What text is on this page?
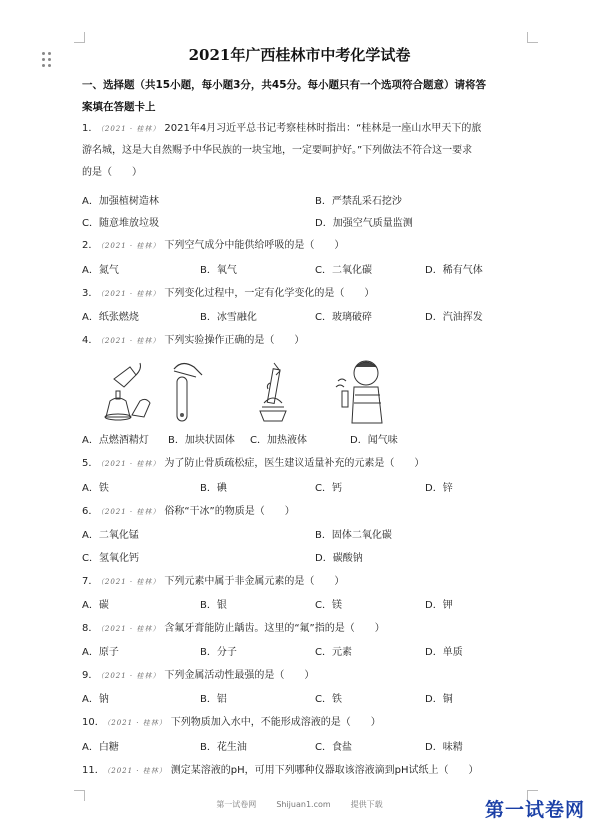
2021年广西桂林市中考化学试卷
一、选择题（共15小题，每小题3分，共45分。每小题只有一个选项符合题意）请将答
案填在答题卡上
1． （2021 · 桂林） 2021年4月习近平总书记考察桂林时指出：“桂林是一座山水甲天下的旅
游名城，这是大自然赐予中华民族的一块宝地，一定要呵护好。”下列做法不符合这一要求
的是（　　）
A．加强植树造林	B．严禁乱采石挖沙
C．随意堆放垃圾	D．加强空气质量监测
2． （2021 · 桂林） 下列空气成分中能供给呼吸的是（　　）
A．氮气	B．氧气	C．二氧化碳	D．稀有气体
3． （2021 · 桂林） 下列变化过程中，一定有化学变化的是（　　）
A．纸张燃烧	B．冰雪融化	C．玻璃破碎	D．汽油挥发
4． （2021 · 桂林） 下列实验操作正确的是（　　）
A．点燃酒精灯 B．加块状固体 C．加热液体	D．闻气味
5． （2021 · 桂林） 为了防止骨质疏松症，医生建议适量补充的元素是（　　）
A．铁	B．碘	C．钙	D．锌
6． （2021 · 桂林） 俗称“干冰”的物质是（　　）
A．二氧化锰	B．固体二氧化碳
C．氢氧化钙	D．碳酸钠
7． （2021 · 桂林） 下列元素中属于非金属元素的是（　　）
A．碳	B．银	C．镁	D．钾
8． （2021 · 桂林） 含氟牙膏能防止龋齿。这里的“氟”指的是（　　）
A．原子	B．分子	C．元素	D．单质
9． （2021 · 桂林） 下列金属活动性最强的是（　　）
A．钠	B．铝	C．铁	D．铜
10． （2021 · 桂林） 下列物质加入水中，不能形成溶液的是（　　）
A．白糖	B．花生油	C．食盐	D．味精
11． （2021 · 桂林） 测定某溶液的pH，可用下列哪种仪器取该溶液滴到pH试纸上（　　）
第一试卷网	Shijuan1.com	提供下载	第一试卷网
